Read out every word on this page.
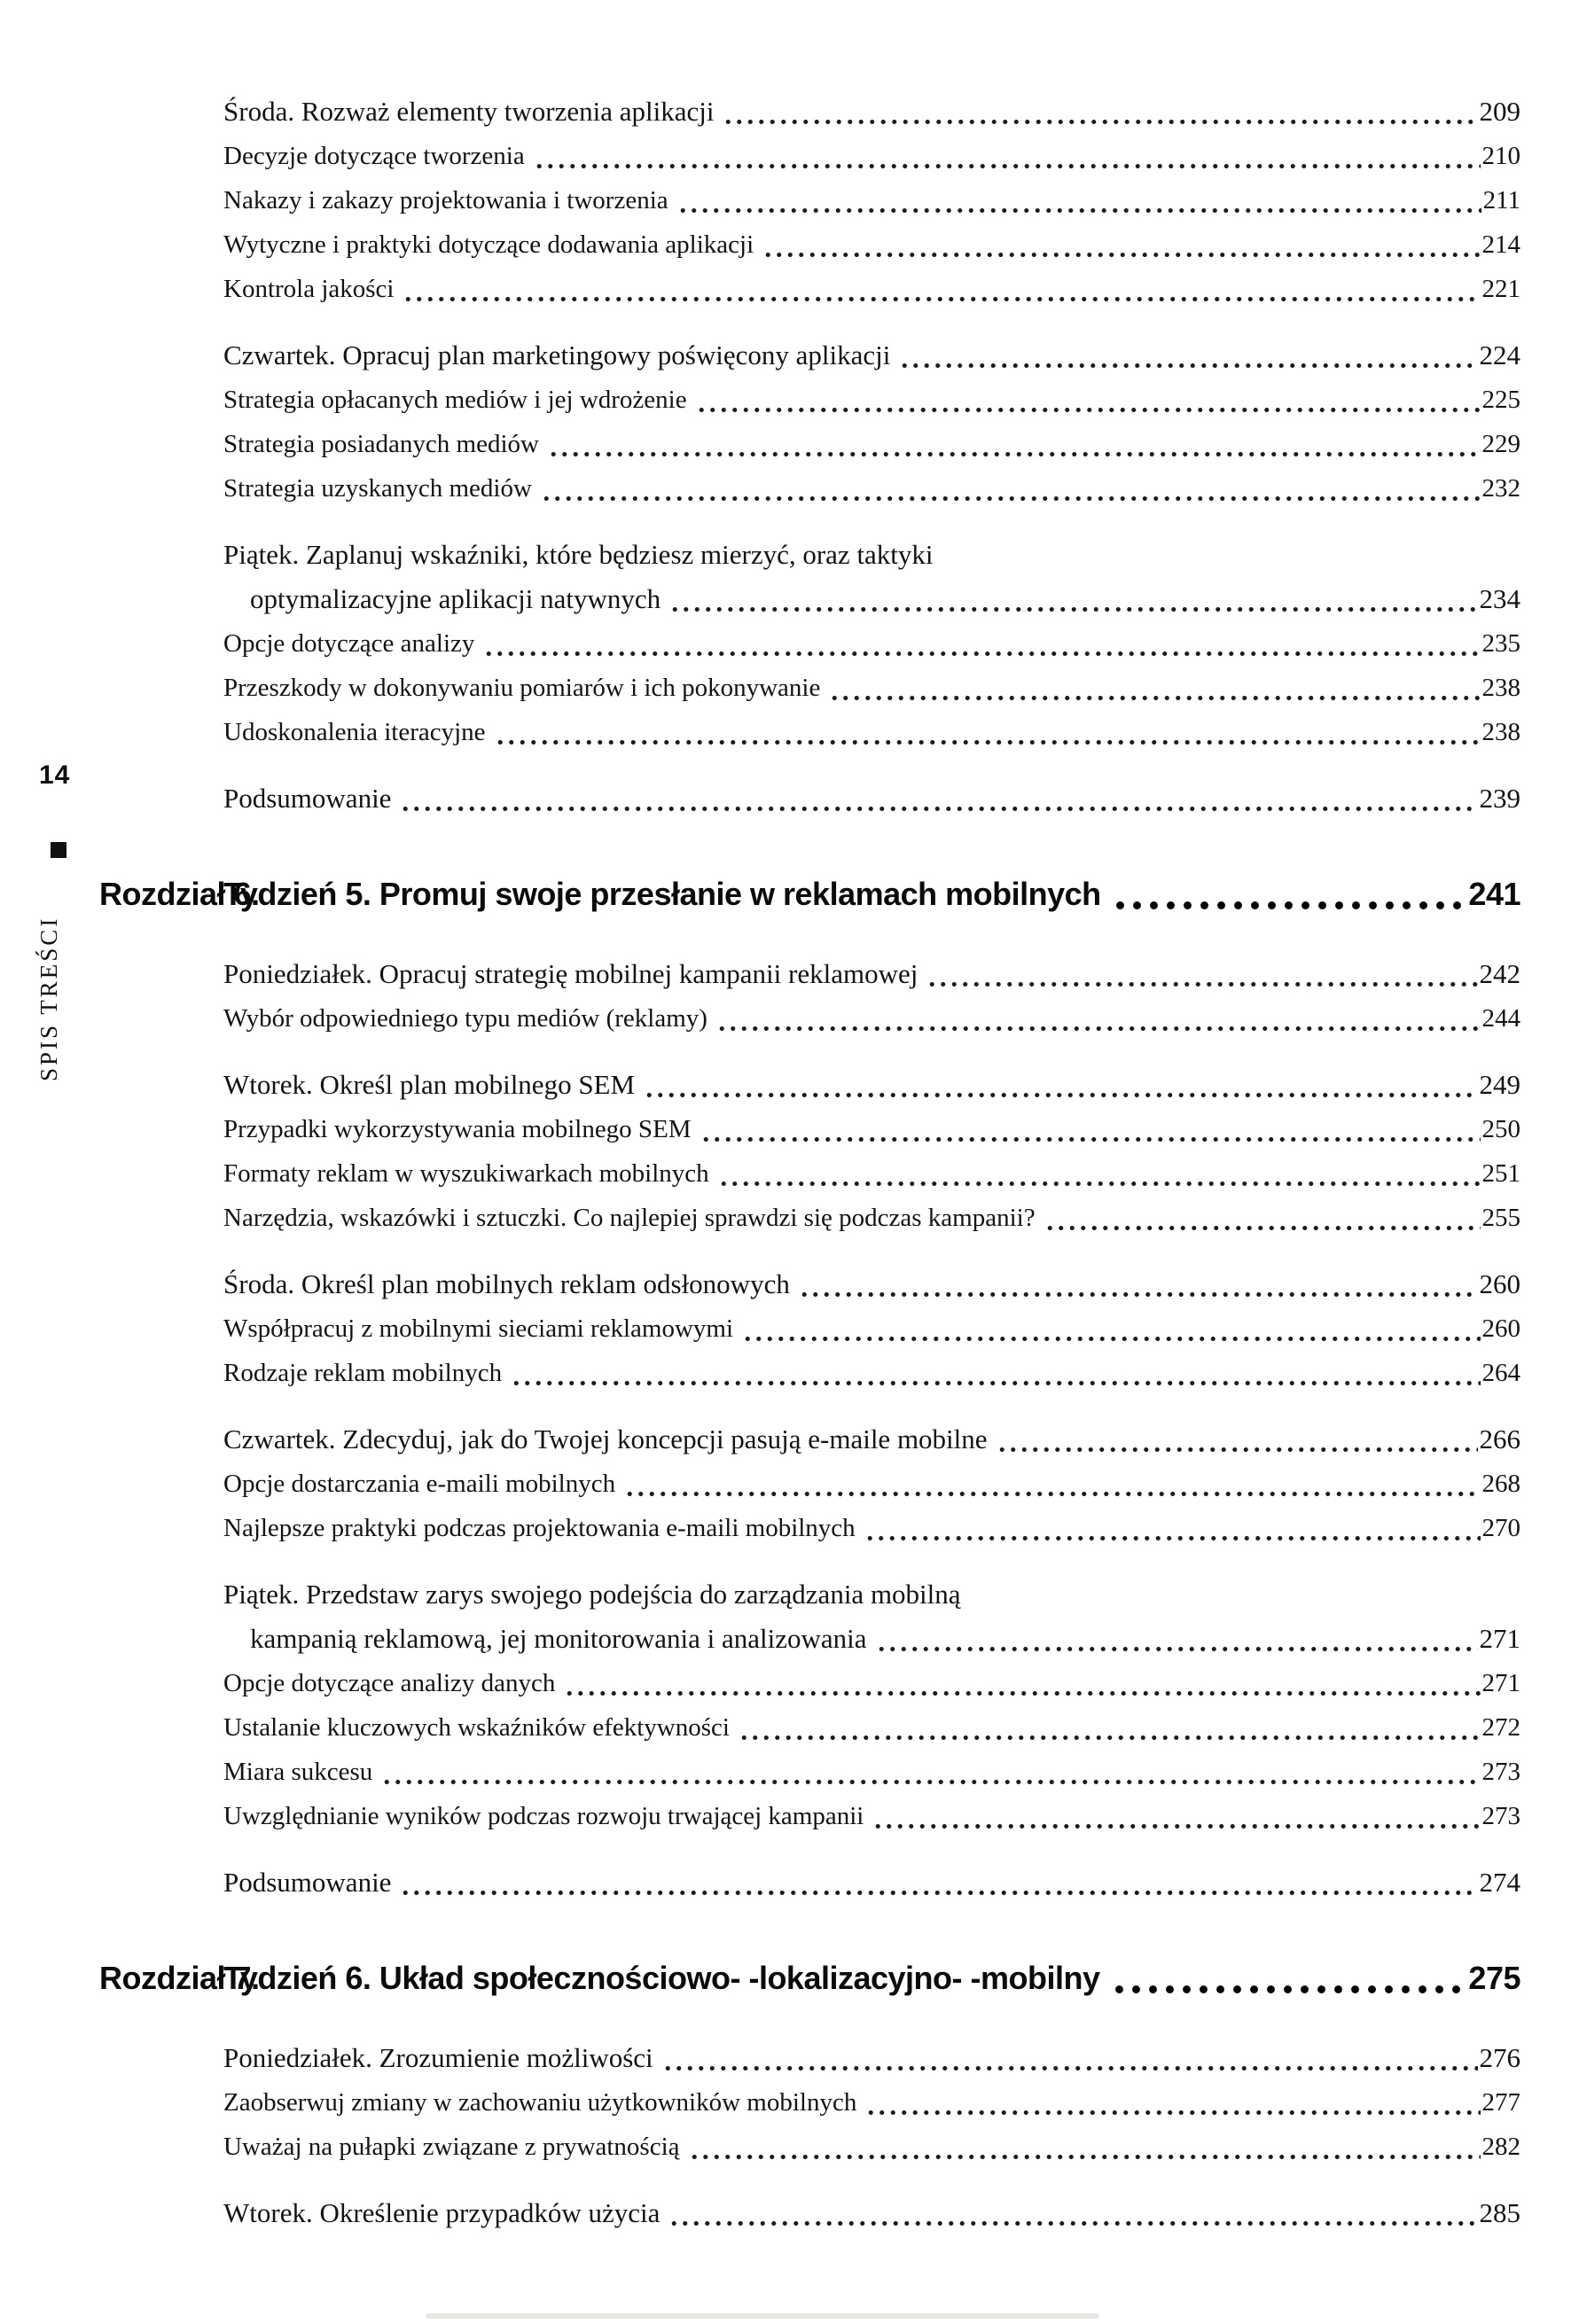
14
SPIS TREŚCI
Środa. Rozważ elementy tworzenia aplikacji	209
Decyzje dotyczące tworzenia	210
Nakazy i zakazy projektowania i tworzenia	211
Wytyczne i praktyki dotyczące dodawania aplikacji	214
Kontrola jakości	221
Czwartek. Opracuj plan marketingowy poświęcony aplikacji	224
Strategia opłacanych mediów i jej wdrożenie	225
Strategia posiadanych mediów	229
Strategia uzyskanych mediów	232
Piątek. Zaplanuj wskaźniki, które będziesz mierzyć, oraz taktyki
optymalizacyjne aplikacji natywnych	234
Opcje dotyczące analizy	235
Przeszkody w dokonywaniu pomiarów i ich pokonywanie	238
Udoskonalenia iteracyjne	238
Podsumowanie	239
Rozdział 6.
Tydzień 5. Promuj swoje przesłanie w reklamach mobilnych	241
Poniedziałek. Opracuj strategię mobilnej kampanii reklamowej	242
Wybór odpowiedniego typu mediów (reklamy)	244
Wtorek. Określ plan mobilnego SEM	249
Przypadki wykorzystywania mobilnego SEM	250
Formaty reklam w wyszukiwarkach mobilnych	251
Narzędzia, wskazówki i sztuczki. Co najlepiej sprawdzi się podczas kampanii?	255
Środa. Określ plan mobilnych reklam odsłonowych	260
Współpracuj z mobilnymi sieciami reklamowymi	260
Rodzaje reklam mobilnych	264
Czwartek. Zdecyduj, jak do Twojej koncepcji pasują e-maile mobilne	266
Opcje dostarczania e-maili mobilnych	268
Najlepsze praktyki podczas projektowania e-maili mobilnych	270
Piątek. Przedstaw zarys swojego podejścia do zarządzania mobilną
kampanią reklamową, jej monitorowania i analizowania	271
Opcje dotyczące analizy danych	271
Ustalanie kluczowych wskaźników efektywności	272
Miara sukcesu	273
Uwzględnianie wyników podczas rozwoju trwającej kampanii	273
Podsumowanie	274
Rozdział 7.
Tydzień 6. Układ społecznościowo- -lokalizacyjno- -mobilny	275
Poniedziałek. Zrozumienie możliwości	276
Zaobserwuj zmiany w zachowaniu użytkowników mobilnych	277
Uważaj na pułapki związane z prywatnością	282
Wtorek. Określenie przypadków użycia	285
